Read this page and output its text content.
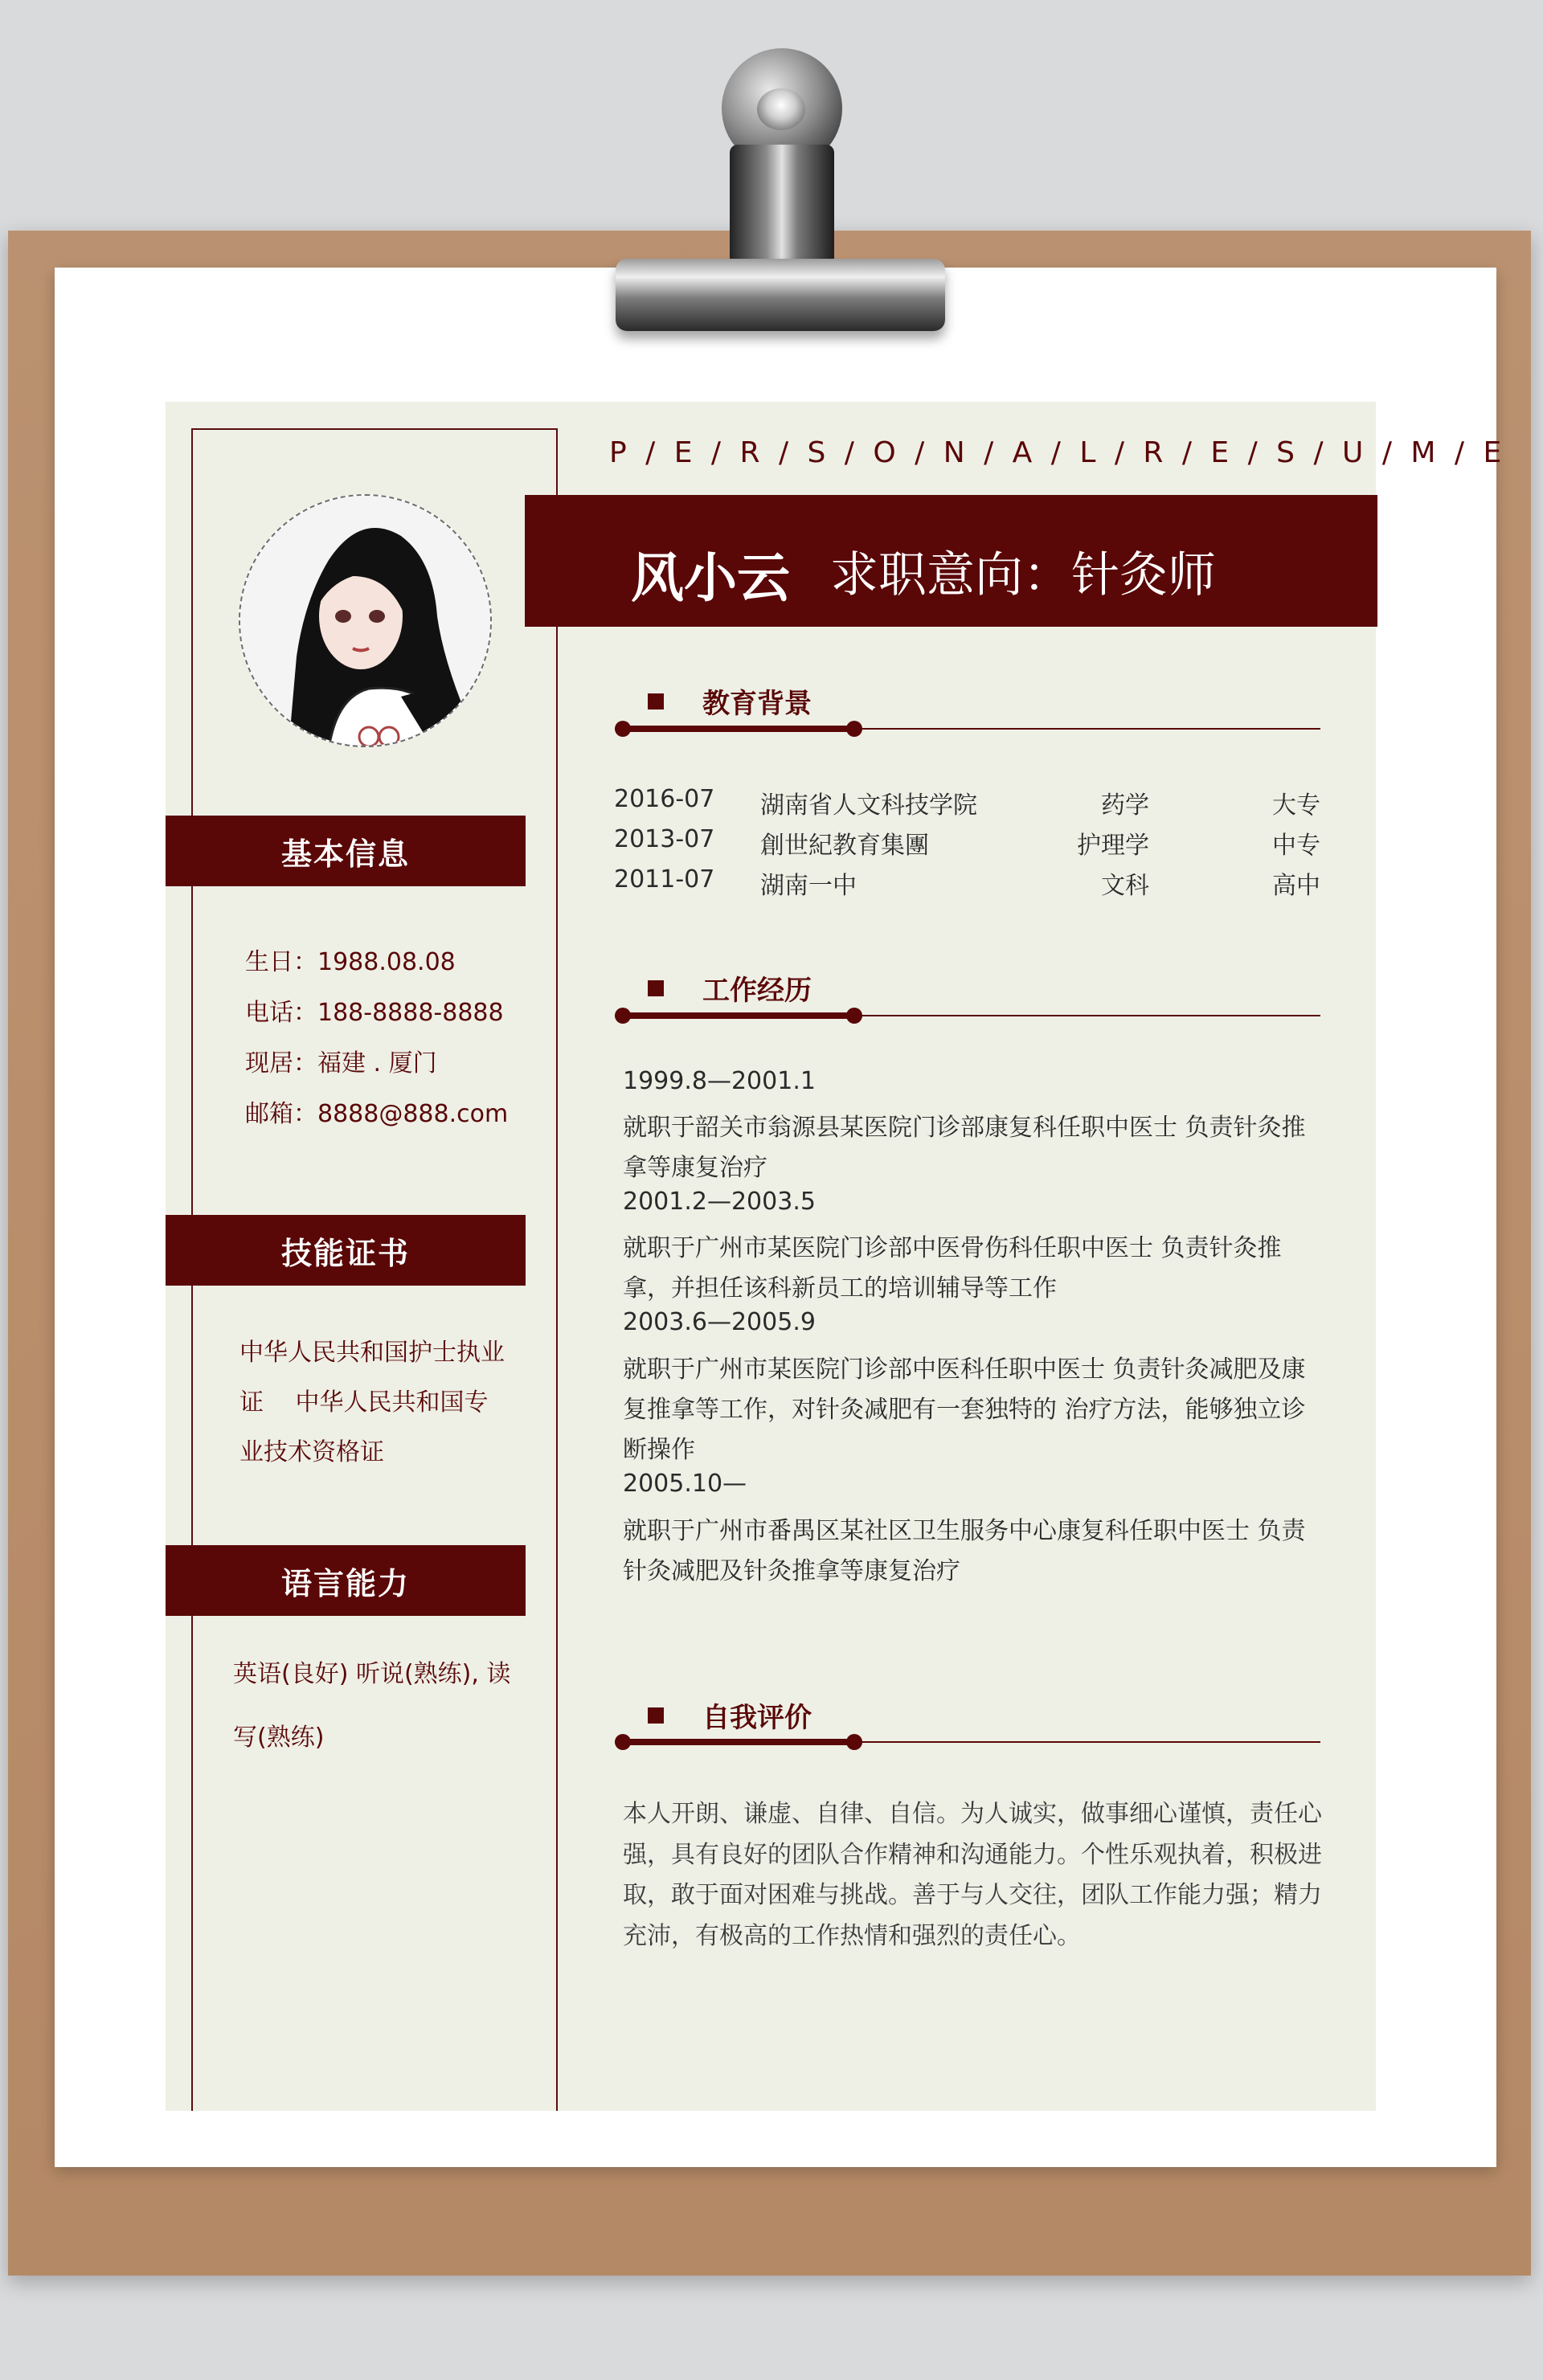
基本信息
生日：1988.08.08
电话：188-8888-8888
现居：福建 . 厦门
邮箱：8888@888.com
技能证书
中华人民共和国护士执业
证　 中华人民共和国专
业技术资格证
语言能力
英语(良好) 听说(熟练), 读
写(熟练)
P / E / R / S / O / N / A / L / R / E / S / U / M / E
风小云 求职意向：针灸师
教育背景
2016-07 湖南省人文科技学院	药学	大专
2013-07 創世紀教育集團	护理学	中专
2011-07 湖南一中	文科	高中
工作经历
1999.8—2001.1
就职于韶关市翁源县某医院门诊部康复科任职中医士 负责针灸推
拿等康复治疗
2001.2—2003.5
就职于广州市某医院门诊部中医骨伤科任职中医士 负责针灸推
拿，并担任该科新员工的培训辅导等工作
2003.6—2005.9
就职于广州市某医院门诊部中医科任职中医士 负责针灸减肥及康
复推拿等工作，对针灸减肥有一套独特的 治疗方法，能够独立诊
断操作
2005.10—
就职于广州市番禺区某社区卫生服务中心康复科任职中医士 负责
针灸减肥及针灸推拿等康复治疗
自我评价
本人开朗、谦虚、自律、自信。为人诚实，做事细心谨慎，责任心
强，具有良好的团队合作精神和沟通能力。个性乐观执着，积极进
取，敢于面对困难与挑战。善于与人交往，团队工作能力强；精力
充沛，有极高的工作热情和强烈的责任心。
